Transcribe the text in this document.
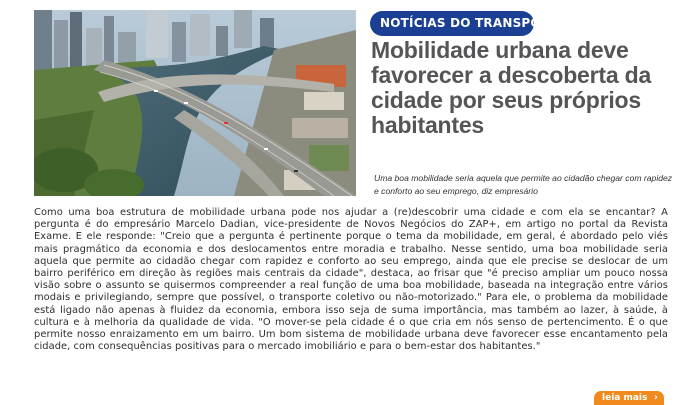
NOTÍCIAS DO TRANSPORTE
Mobilidade urbana deve favorecer a descoberta da cidade por seus próprios habitantes

Uma boa mobilidade seria aquela que permite ao cidadão chegar com rapidez e conforto ao seu emprego, diz empresário

Como uma boa estrutura de mobilidade urbana pode nos ajudar a (re)descobrir uma cidade e com ela se encantar? A pergunta é do empresário Marcelo Dadian, vice-presidente de Novos Negócios do ZAP+, em artigo no portal da Revista Exame. E ele responde: "Creio que a pergunta é pertinente porque o tema da mobilidade, em geral, é abordado pelo viés mais pragmático da economia e dos deslocamentos entre moradia e trabalho. Nesse sentido, uma boa mobilidade seria aquela que permite ao cidadão chegar com rapidez e conforto ao seu emprego, ainda que ele precise se deslocar de um bairro periférico em direção às regiões mais centrais da cidade", destaca, ao frisar que "é preciso ampliar um pouco nossa visão sobre o assunto se quisermos compreender a real função de uma boa mobilidade, baseada na integração entre vários modais e privilegiando, sempre que possível, o transporte coletivo ou não-motorizado." Para ele, o problema da mobilidade está ligado não apenas à fluidez da economia, embora isso seja de suma importância, mas também ao lazer, à saúde, à cultura e à melhoria da qualidade de vida. "O mover-se pela cidade é o que cria em nós senso de pertencimento. É o que permite nosso enraizamento em um bairro. Um bom sistema de mobilidade urbana deve favorecer esse encantamento pela cidade, com consequências positivas para o mercado imobiliário e para o bem-estar dos habitantes."

leia mais ›
